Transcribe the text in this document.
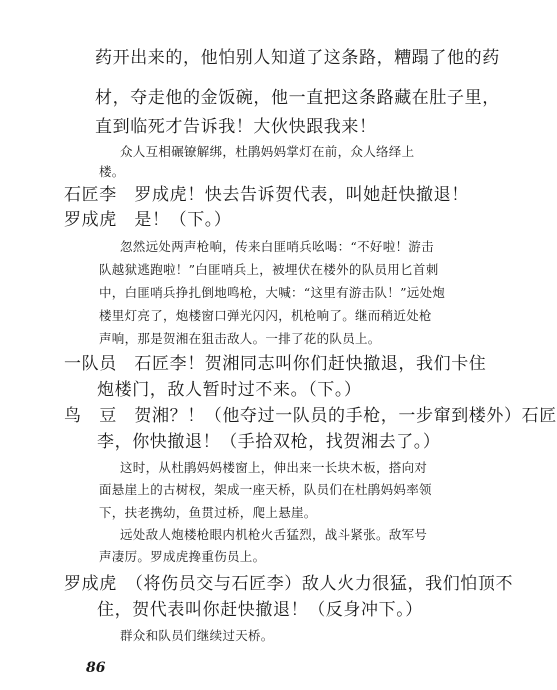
药开出来的，他怕别人知道了这条路，糟蹋了他的药
材，夺走他的金饭碗，他一直把这条路藏在肚子里，
直到临死才告诉我！大伙快跟我来！
众人互相碾镣解绑，杜鹃妈妈掌灯在前，众人络绎上
楼。
石匠李　罗成虎！快去告诉贺代表，叫她赶快撤退！
罗成虎　是！（下。）
忽然远处两声枪响，传来白匪哨兵吆喝：“不好啦！游击
队越狱逃跑啦！”白匪哨兵上，被埋伏在楼外的队员用匕首刺
中，白匪哨兵挣扎倒地鸣枪，大喊：“这里有游击队！”远处炮
楼里灯亮了，炮楼窗口弹光闪闪，机枪响了。继而稍近处枪
声响，那是贺湘在狙击敌人。一排了花的队员上。
一队员　石匠李！贺湘同志叫你们赶快撤退，我们卡住
炮楼门，敌人暂时过不来。（下。）
鸟　豆　贺湘？！（他夺过一队员的手枪，一步窜到楼外）石匠
李，你快撤退！（手拾双枪，找贺湘去了。）
这时，从杜鹃妈妈楼窗上，伸出来一长块木板，搭向对
面悬崖上的古树杈，架成一座天桥，队员们在杜鹃妈妈率领
下，扶老携幼，鱼贯过桥，爬上悬崖。
远处敌人炮楼枪眼内机枪火舌猛烈，战斗紧张。敌军号
声凄厉。罗成虎搀重伤员上。
罗成虎　（将伤员交与石匠李）敌人火力很猛，我们怕顶不
住，贺代表叫你赶快撤退！（反身冲下。）
群众和队员们继续过天桥。
86
